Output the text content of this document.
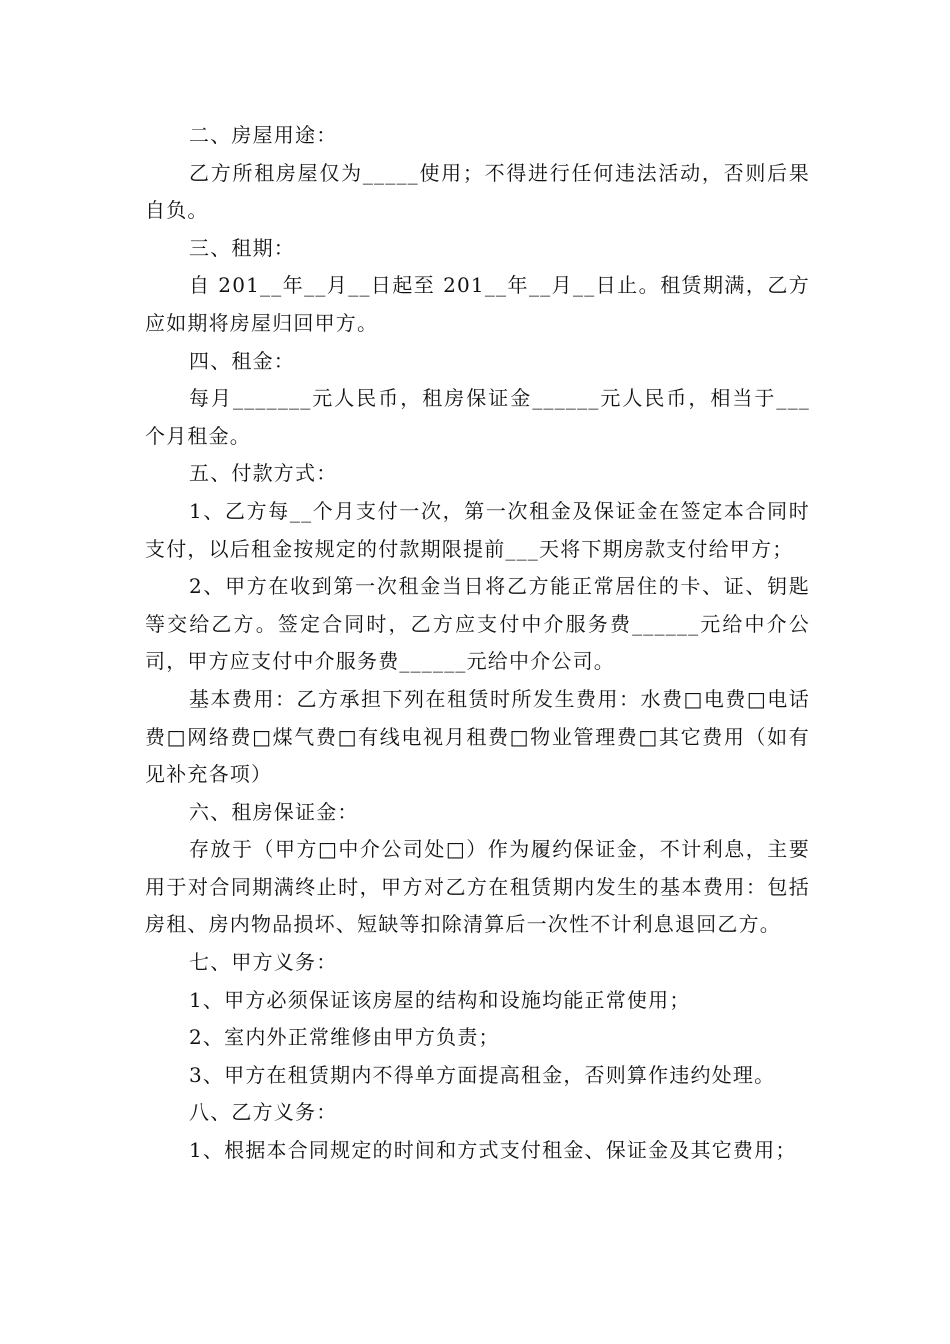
二、房屋用途：

乙方所租房屋仅为_____使用；不得进行任何违法活动，否则后果自负。

三、租期：

自 201__年__月__日起至 201__年__月__日止。租赁期满，乙方应如期将房屋归回甲方。

四、租金：

每月_______元人民币，租房保证金______元人民币，相当于___个月租金。

五、付款方式：

1、乙方每__个月支付一次，第一次租金及保证金在签定本合同时支付，以后租金按规定的付款期限提前___天将下期房款支付给甲方；

2、甲方在收到第一次租金当日将乙方能正常居住的卡、证、钥匙等交给乙方。签定合同时，乙方应支付中介服务费______元给中介公司，甲方应支付中介服务费______元给中介公司。

基本费用：乙方承担下列在租赁时所发生费用：水费□电费□电话费□网络费□煤气费□有线电视月租费□物业管理费□其它费用（如有见补充各项）

六、租房保证金：

存放于（甲方□中介公司处□）作为履约保证金，不计利息，主要用于对合同期满终止时，甲方对乙方在租赁期内发生的基本费用：包括房租、房内物品损坏、短缺等扣除清算后一次性不计利息退回乙方。

七、甲方义务：

1、甲方必须保证该房屋的结构和设施均能正常使用；

2、室内外正常维修由甲方负责；

3、甲方在租赁期内不得单方面提高租金，否则算作违约处理。

八、乙方义务：

1、根据本合同规定的时间和方式支付租金、保证金及其它费用；
